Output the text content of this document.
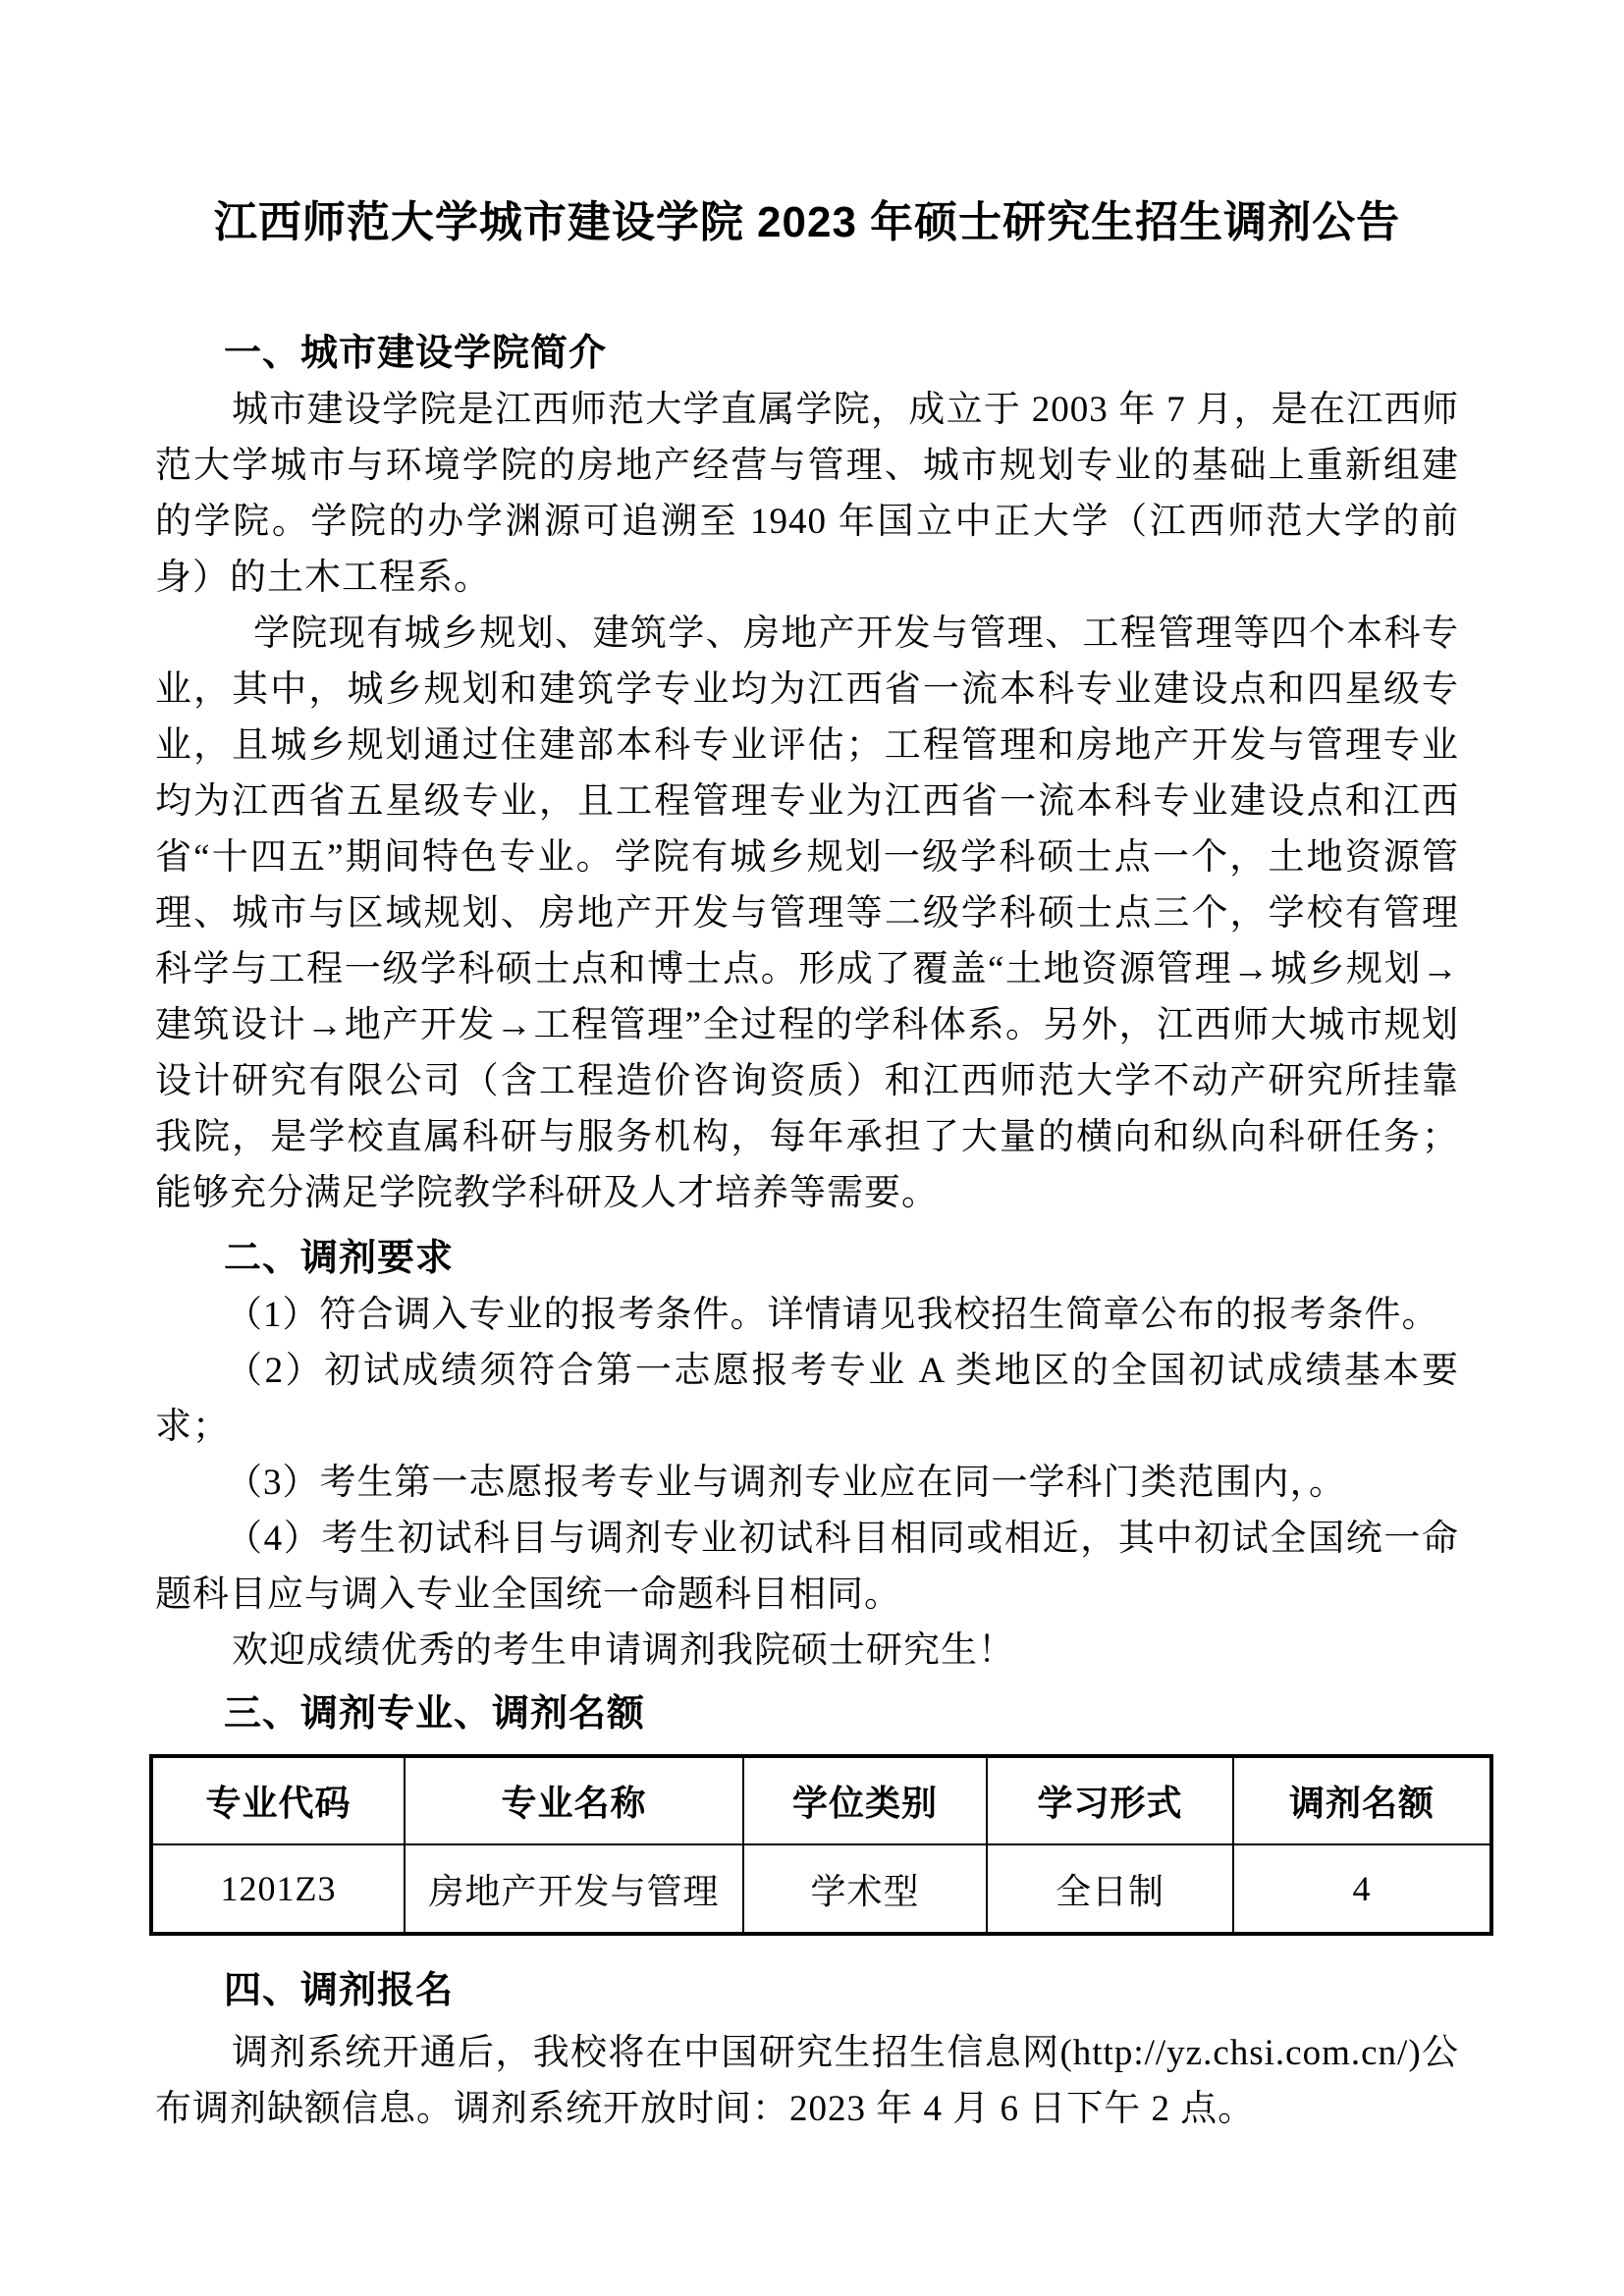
江西师范大学城市建设学院 2023 年硕士研究生招生调剂公告
一、城市建设学院简介

城市建设学院是江西师范大学直属学院，成立于 2003 年 7 月，是在江西师范大学城市与环境学院的房地产经营与管理、城市规划专业的基础上重新组建的学院。学院的办学渊源可追溯至 1940 年国立中正大学（江西师范大学的前身）的土木工程系。

学院现有城乡规划、建筑学、房地产开发与管理、工程管理等四个本科专业，其中，城乡规划和建筑学专业均为江西省一流本科专业建设点和四星级专业，且城乡规划通过住建部本科专业评估；工程管理和房地产开发与管理专业均为江西省五星级专业，且工程管理专业为江西省一流本科专业建设点和江西省“十四五”期间特色专业。学院有城乡规划一级学科硕士点一个，土地资源管理、城市与区域规划、房地产开发与管理等二级学科硕士点三个，学校有管理科学与工程一级学科硕士点和博士点。形成了覆盖“土地资源管理→城乡规划→建筑设计→地产开发→工程管理”全过程的学科体系。另外，江西师大城市规划设计研究有限公司（含工程造价咨询资质）和江西师范大学不动产研究所挂靠我院，是学校直属科研与服务机构，每年承担了大量的横向和纵向科研任务；能够充分满足学院教学科研及人才培养等需要。

二、调剂要求

（1）符合调入专业的报考条件。详情请见我校招生简章公布的报考条件。

（2）初试成绩须符合第一志愿报考专业 A 类地区的全国初试成绩基本要求；

（3）考生第一志愿报考专业与调剂专业应在同一学科门类范围内，。

（4）考生初试科目与调剂专业初试科目相同或相近，其中初试全国统一命题科目应与调入专业全国统一命题科目相同。

欢迎成绩优秀的考生申请调剂我院硕士研究生！

三、调剂专业、调剂名额
专业代码	专业名称	学位类别	学习形式	调剂名额
1201Z3	房地产开发与管理	学术型	全日制	4
四、调剂报名

调剂系统开通后，我校将在中国研究生招生信息网(http://yz.chsi.com.cn/)公布调剂缺额信息。调剂系统开放时间：2023 年 4 月 6 日下午 2 点。
